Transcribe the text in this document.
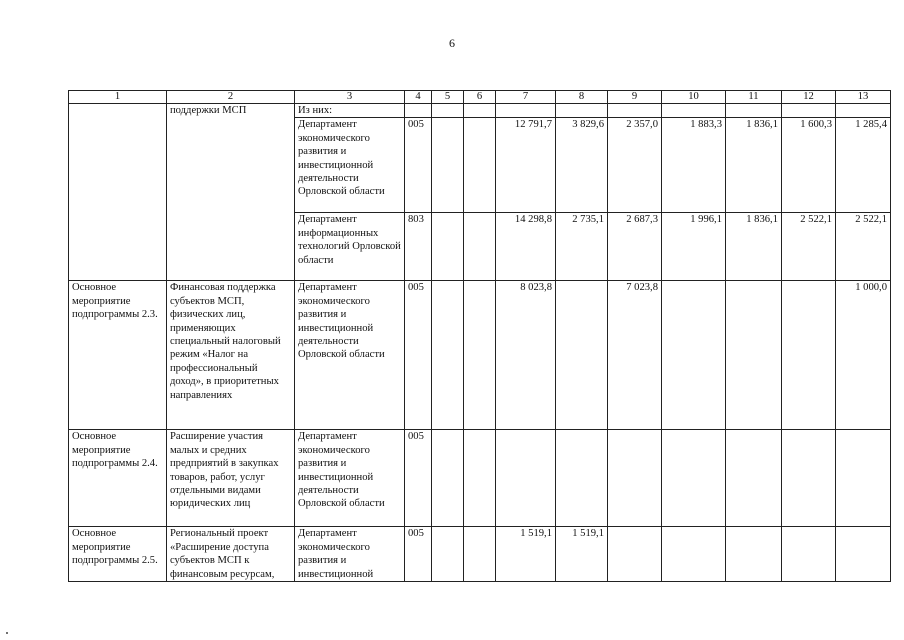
6
1	2	3	4	5	6	7	8	9	10	11	12	13
	поддержки МСП	Из них:										
		Департамент экономического развития и инвестиционной деятельности Орловской области	005			12 791,7	3 829,6	2 357,0	1 883,3	1 836,1	1 600,3	1 285,4
		Департамент информационных технологий Орловской области	803			14 298,8	2 735,1	2 687,3	1 996,1	1 836,1	2 522,1	2 522,1
Основное мероприятие подпрограммы 2.3.	Финансовая поддержка субъектов МСП, физических лиц, применяющих специальный налоговый режим «Налог на профессиональный доход», в приоритетных направлениях	Департамент экономического развития и инвестиционной деятельности Орловской области	005			8 023,8		7 023,8				1 000,0
Основное мероприятие подпрограммы 2.4.	Расширение участия малых и средних предприятий в закупках товаров, работ, услуг отдельными видами юридических лиц	Департамент экономического развития и инвестиционной деятельности Орловской области	005									
Основное мероприятие подпрограммы 2.5.	Региональный проект «Расширение доступа субъектов МСП к финансовым ресурсам,	Департамент экономического развития и инвестиционной	005			1 519,1	1 519,1					
